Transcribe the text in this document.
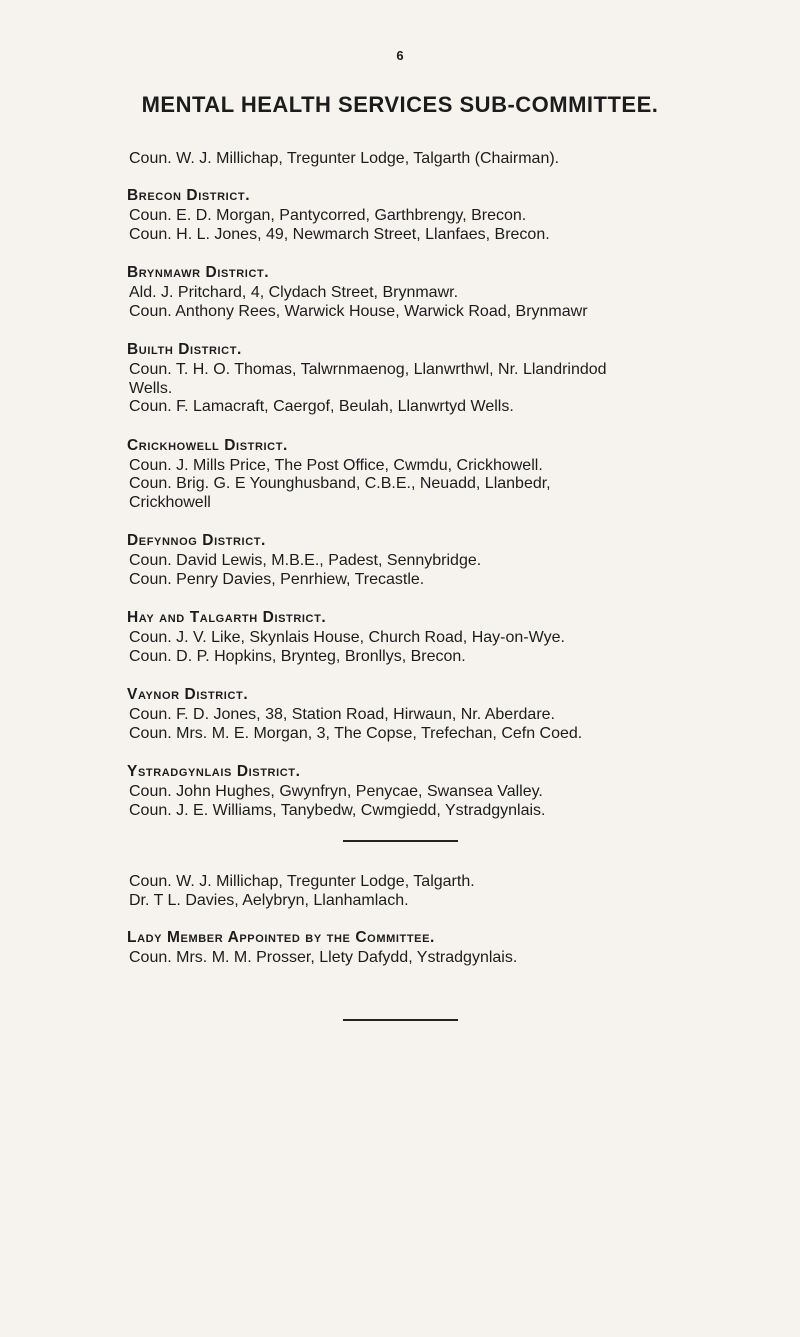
6
MENTAL HEALTH SERVICES SUB-COMMITTEE.
Coun. W. J. Millichap, Tregunter Lodge, Talgarth (Chairman).
Brecon District.
Coun. E. D. Morgan, Pantycorred, Garthbrengy, Brecon.
Coun. H. L. Jones, 49, Newmarch Street, Llanfaes, Brecon.
Brynmawr District.
Ald. J. Pritchard, 4, Clydach Street, Brynmawr.
Coun. Anthony Rees, Warwick House, Warwick Road, Brynmawr
Builth District.
Coun. T. H. O. Thomas, Talwrnmaenog, Llanwrthwl, Nr. Llandrindod
Wells.
Coun. F. Lamacraft, Caergof, Beulah, Llanwrtyd Wells.
Crickhowell District.
Coun. J. Mills Price, The Post Office, Cwmdu, Crickhowell.
Coun. Brig. G. E Younghusband, C.B.E., Neuadd, Llanbedr,
Crickhowell
Defynnog District.
Coun. David Lewis, M.B.E., Padest, Sennybridge.
Coun. Penry Davies, Penrhiew, Trecastle.
Hay and Talgarth District.
Coun. J. V. Like, Skynlais House, Church Road, Hay-on-Wye.
Coun. D. P. Hopkins, Brynteg, Bronllys, Brecon.
Vaynor District.
Coun. F. D. Jones, 38, Station Road, Hirwaun, Nr. Aberdare.
Coun. Mrs. M. E. Morgan, 3, The Copse, Trefechan, Cefn Coed.
Ystradgynlais District.
Coun. John Hughes, Gwynfryn, Penycae, Swansea Valley.
Coun. J. E. Williams, Tanybedw, Cwmgiedd, Ystradgynlais.
Coun. W. J. Millichap, Tregunter Lodge, Talgarth.
Dr. T L. Davies, Aelybryn, Llanhamlach.
Lady Member Appointed by the Committee.
Coun. Mrs. M. M. Prosser, Llety Dafydd, Ystradgynlais.
